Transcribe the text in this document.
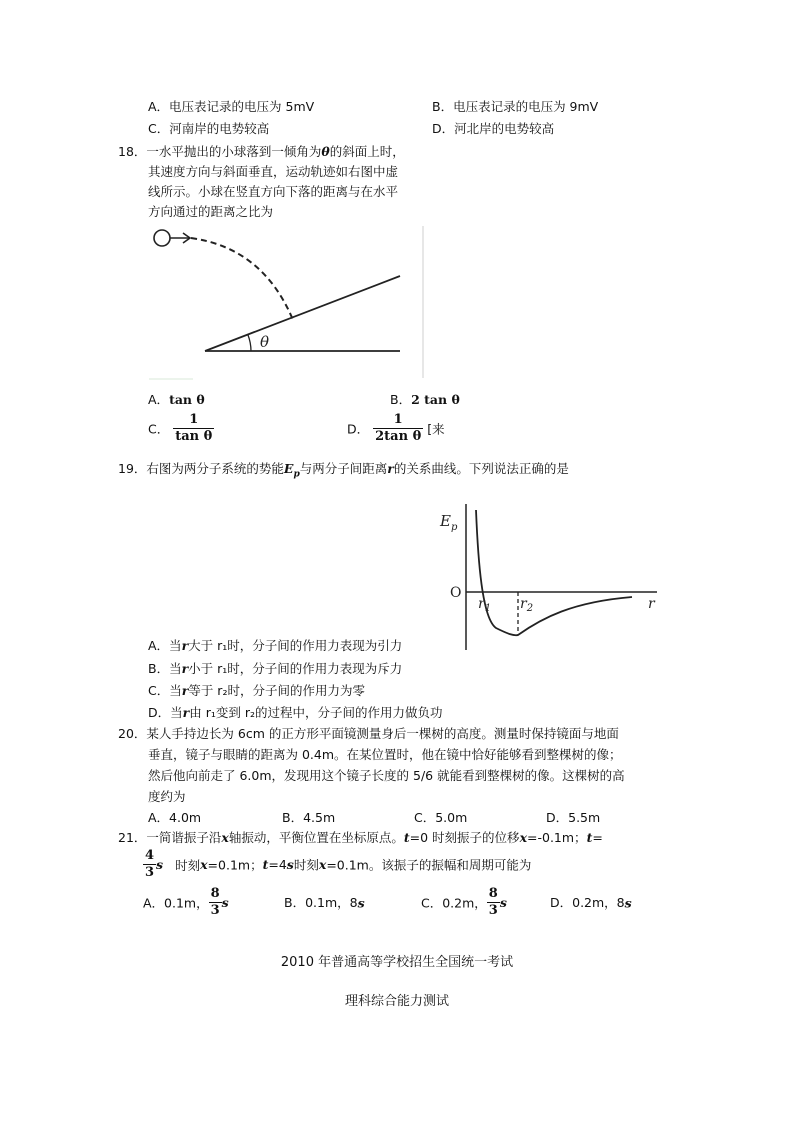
A．电压表记录的电压为 5mV	B．电压表记录的电压为 9mV
C．河南岸的电势较高	D．河北岸的电势较高
18．一水平抛出的小球落到一倾角为θ的斜面上时，
其速度方向与斜面垂直，运动轨迹如右图中虚
线所示。小球在竖直方向下落的距离与在水平
方向通过的距离之比为
θ
A．tan θ	B．2 tan θ
C． $\frac{1}{\text{tan θ}}$	D． $\frac{1}{\text{2tan θ}}$ [来
19．右图为两分子系统的势能$E_p$与两分子间距离r的关系曲线。下列说法正确的是
$E_p$
O
$r_1$ $r_2$	r
A．当r大于 r₁时，分子间的作用力表现为引力
B．当r小于 r₁时，分子间的作用力表现为斥力
C．当r等于 r₂时，分子间的作用力为零
D．当r由 r₁变到 r₂的过程中，分子间的作用力做负功
20．某人手持边长为 6cm 的正方形平面镜测量身后一棵树的高度。测量时保持镜面与地面
垂直，镜子与眼睛的距离为 0.4m。在某位置时，他在镜中恰好能够看到整棵树的像；
然后他向前走了 6.0m，发现用这个镜子长度的 5/6 就能看到整棵树的像。这棵树的高
度约为
A．4.0m	B．4.5m	C．5.0m	D．5.5m
21．一简谐振子沿x轴振动，平衡位置在坐标原点。t=0 时刻振子的位移x=-0.1m；t=
$\frac{4}{3}$ s 时刻x=0.1m；t=4s时刻x=0.1m。该振子的振幅和周期可能为
A．0.1m， $\frac{8}{3}$ s	B．0.1m，8s	C．0.2m， $\frac{8}{3}$ s	D．0.2m，8s
2010 年普通高等学校招生全国统一考试
理科综合能力测试
